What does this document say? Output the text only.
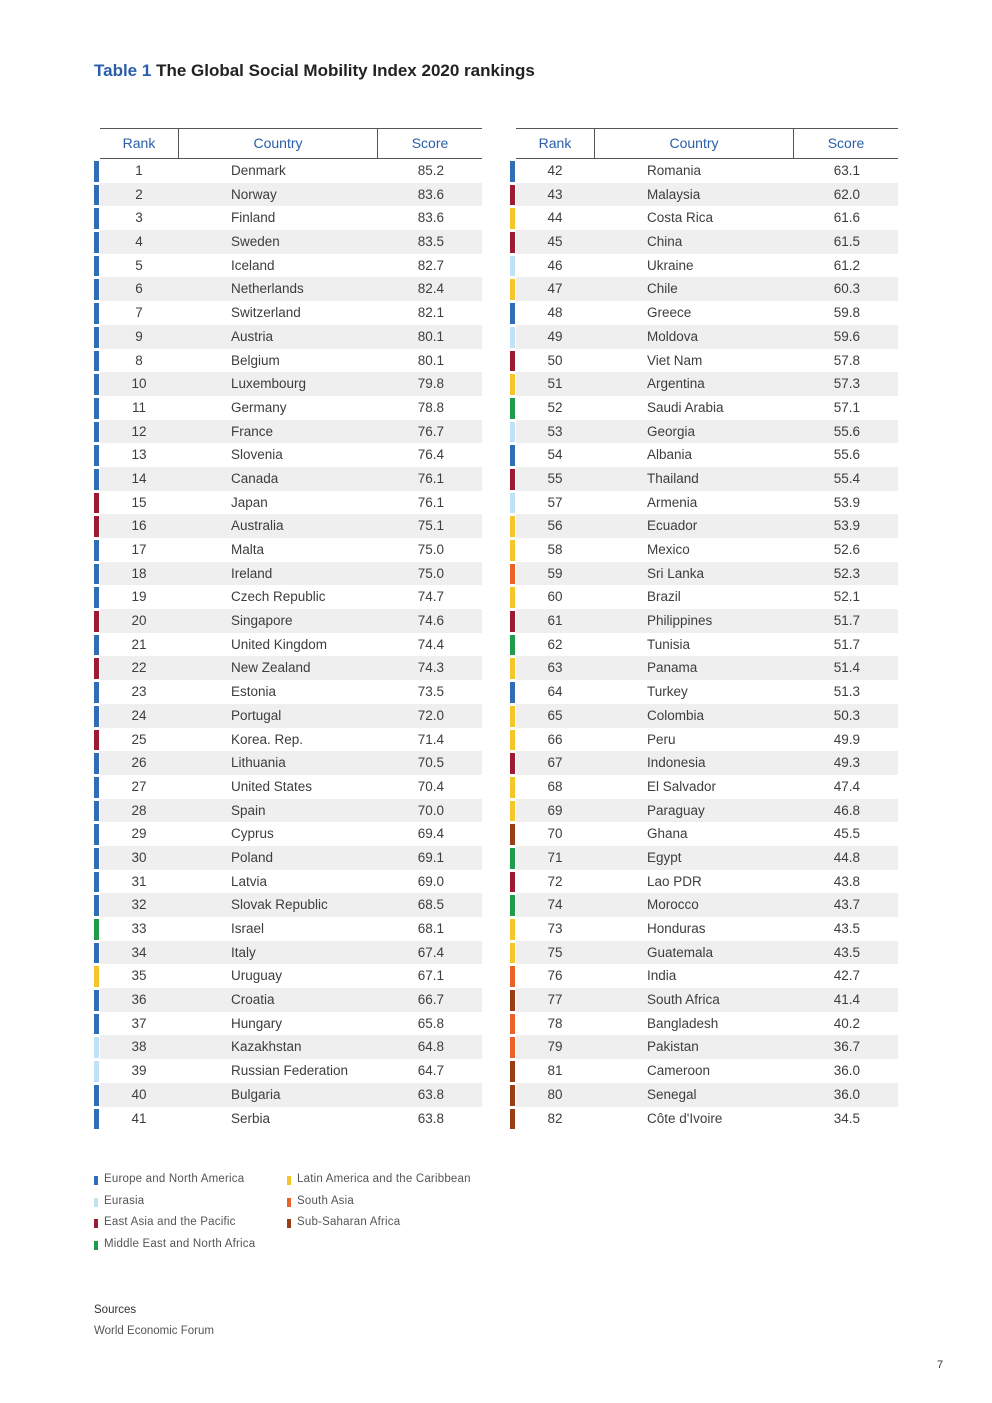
Table 1 The Global Social Mobility Index 2020 rankings
Rank	Country	Score
1	Denmark	85.2
2	Norway	83.6
3	Finland	83.6
4	Sweden	83.5
5	Iceland	82.7
6	Netherlands	82.4
7	Switzerland	82.1
9	Austria	80.1
8	Belgium	80.1
10	Luxembourg	79.8
11	Germany	78.8
12	France	76.7
13	Slovenia	76.4
14	Canada	76.1
15	Japan	76.1
16	Australia	75.1
17	Malta	75.0
18	Ireland	75.0
19	Czech Republic	74.7
20	Singapore	74.6
21	United Kingdom	74.4
22	New Zealand	74.3
23	Estonia	73.5
24	Portugal	72.0
25	Korea. Rep.	71.4
26	Lithuania	70.5
27	United States	70.4
28	Spain	70.0
29	Cyprus	69.4
30	Poland	69.1
31	Latvia	69.0
32	Slovak Republic	68.5
33	Israel	68.1
34	Italy	67.4
35	Uruguay	67.1
36	Croatia	66.7
37	Hungary	65.8
38	Kazakhstan	64.8
39	Russian Federation	64.7
40	Bulgaria	63.8
41	Serbia	63.8
Rank	Country	Score
42	Romania	63.1
43	Malaysia	62.0
44	Costa Rica	61.6
45	China	61.5
46	Ukraine	61.2
47	Chile	60.3
48	Greece	59.8
49	Moldova	59.6
50	Viet Nam	57.8
51	Argentina	57.3
52	Saudi Arabia	57.1
53	Georgia	55.6
54	Albania	55.6
55	Thailand	55.4
57	Armenia	53.9
56	Ecuador	53.9
58	Mexico	52.6
59	Sri Lanka	52.3
60	Brazil	52.1
61	Philippines	51.7
62	Tunisia	51.7
63	Panama	51.4
64	Turkey	51.3
65	Colombia	50.3
66	Peru	49.9
67	Indonesia	49.3
68	El Salvador	47.4
69	Paraguay	46.8
70	Ghana	45.5
71	Egypt	44.8
72	Lao PDR	43.8
74	Morocco	43.7
73	Honduras	43.5
75	Guatemala	43.5
76	India	42.7
77	South Africa	41.4
78	Bangladesh	40.2
79	Pakistan	36.7
81	Cameroon	36.0
80	Senegal	36.0
82	Côte d'Ivoire	34.5
Europe and North America
Eurasia
East Asia and the Pacific
Middle East and North Africa
Latin America and the Caribbean
South Asia
Sub-Saharan Africa
Sources
World Economic Forum
7
